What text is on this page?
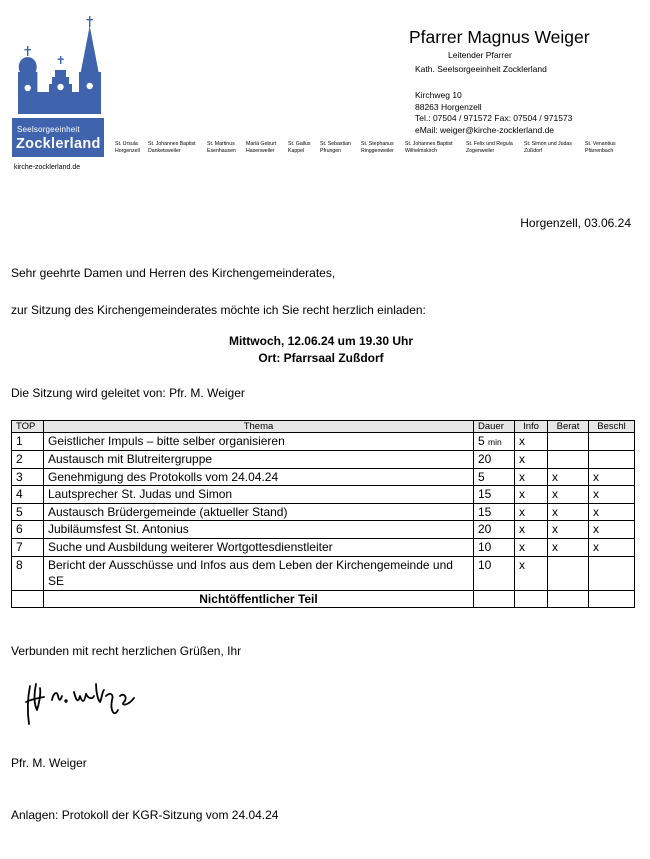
Seelsorgeeinheit
Zocklerland
kirche-zocklerland.de
St. Ursula
Horgenzell
St. Johannes Baptist
Danketsweiler
St. Martinus
Esenhausen
Mariä Geburt
Hasenweiler
St. Gallus
Kappel
St. Sebastian
Pfrungen
St. Stephanus
Ringgenweiler
St. Johannes Baptist
Wilhelmskirch
St. Felix und Regula
Zogenweiler
St. Simon und Judas
Zußdorf
St. Venantius
Pfärrenbach
Pfarrer Magnus Weiger
Leitender Pfarrer
Kath. Seelsorgeeinheit Zocklerland
Kirchweg 10
88263 Horgenzell
Tel.: 07504 / 971572 Fax: 07504 / 971573
eMail: weiger@kirche-zocklerland.de
Horgenzell, 03.06.24
Sehr geehrte Damen und Herren des Kirchengemeinderates,
zur Sitzung des Kirchengemeinderates möchte ich Sie recht herzlich einladen:
Mittwoch, 12.06.24 um 19.30 Uhr
Ort: Pfarrsaal Zußdorf
Die Sitzung wird geleitet von: Pfr. M. Weiger
TOP	Thema	Dauer	Info	Berat	Beschl
1	Geistlicher Impuls – bitte selber organisieren	5 min	x		
2	Austausch mit Blutreitergruppe	20	x		
3	Genehmigung des Protokolls vom 24.04.24	5	x	x	x
4	Lautsprecher St. Judas und Simon	15	x	x	x
5	Austausch Brüdergemeinde (aktueller Stand)	15	x	x	x
6	Jubiläumsfest St. Antonius	20	x	x	x
7	Suche und Ausbildung weiterer Wortgottesdienstleiter	10	x	x	x
8	Bericht der Ausschüsse und Infos aus dem Leben der Kirchengemeinde und SE	10	x		
	Nichtöffentlicher Teil				
Verbunden mit recht herzlichen Grüßen, Ihr
Pfr. M. Weiger
Anlagen: Protokoll der KGR-Sitzung vom 24.04.24
